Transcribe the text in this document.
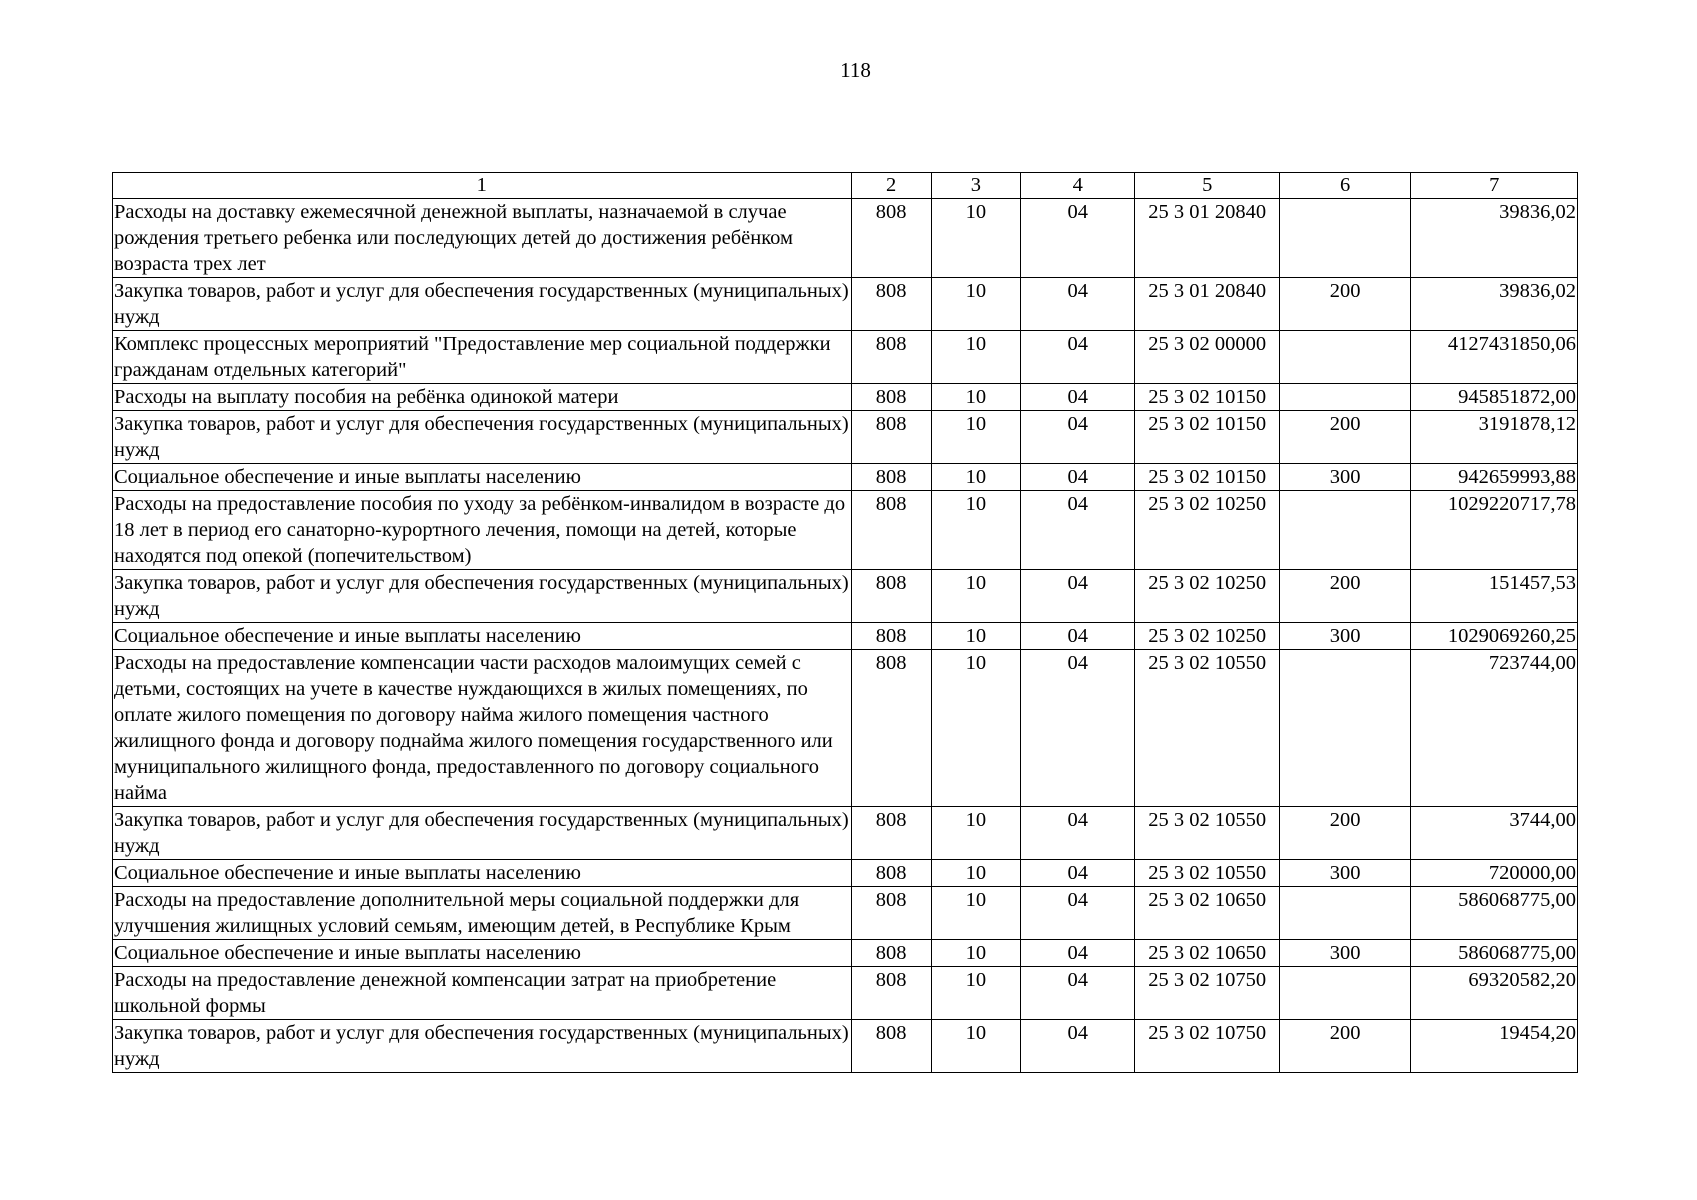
118
1	2	3	4	5	6	7
Расходы на доставку ежемесячной денежной выплаты, назначаемой в случае рождения третьего ребенка или последующих детей до достижения ребёнком возраста трех лет	808	10	04	25 3 01 20840		39836,02
Закупка товаров, работ и услуг для обеспечения государственных (муниципальных) нужд	808	10	04	25 3 01 20840	200	39836,02
Комплекс процессных мероприятий "Предоставление мер социальной поддержки гражданам отдельных категорий"	808	10	04	25 3 02 00000		4127431850,06
Расходы на выплату пособия на ребёнка одинокой матери	808	10	04	25 3 02 10150		945851872,00
Закупка товаров, работ и услуг для обеспечения государственных (муниципальных) нужд	808	10	04	25 3 02 10150	200	3191878,12
Социальное обеспечение и иные выплаты населению	808	10	04	25 3 02 10150	300	942659993,88
Расходы на предоставление пособия по уходу за ребёнком-инвалидом в возрасте до 18 лет в период его санаторно-курортного лечения, помощи на детей, которые находятся под опекой (попечительством)	808	10	04	25 3 02 10250		1029220717,78
Закупка товаров, работ и услуг для обеспечения государственных (муниципальных) нужд	808	10	04	25 3 02 10250	200	151457,53
Социальное обеспечение и иные выплаты населению	808	10	04	25 3 02 10250	300	1029069260,25
Расходы на предоставление компенсации части расходов малоимущих семей с детьми, состоящих на учете в качестве нуждающихся в жилых помещениях, по оплате жилого помещения по договору найма жилого помещения частного жилищного фонда и договору поднайма жилого помещения государственного или муниципального жилищного фонда, предоставленного по договору социального найма	808	10	04	25 3 02 10550		723744,00
Закупка товаров, работ и услуг для обеспечения государственных (муниципальных) нужд	808	10	04	25 3 02 10550	200	3744,00
Социальное обеспечение и иные выплаты населению	808	10	04	25 3 02 10550	300	720000,00
Расходы на предоставление дополнительной меры социальной поддержки для улучшения жилищных условий семьям, имеющим детей, в Республике Крым	808	10	04	25 3 02 10650		586068775,00
Социальное обеспечение и иные выплаты населению	808	10	04	25 3 02 10650	300	586068775,00
Расходы на предоставление денежной компенсации затрат на приобретение школьной формы	808	10	04	25 3 02 10750		69320582,20
Закупка товаров, работ и услуг для обеспечения государственных (муниципальных) нужд	808	10	04	25 3 02 10750	200	19454,20
